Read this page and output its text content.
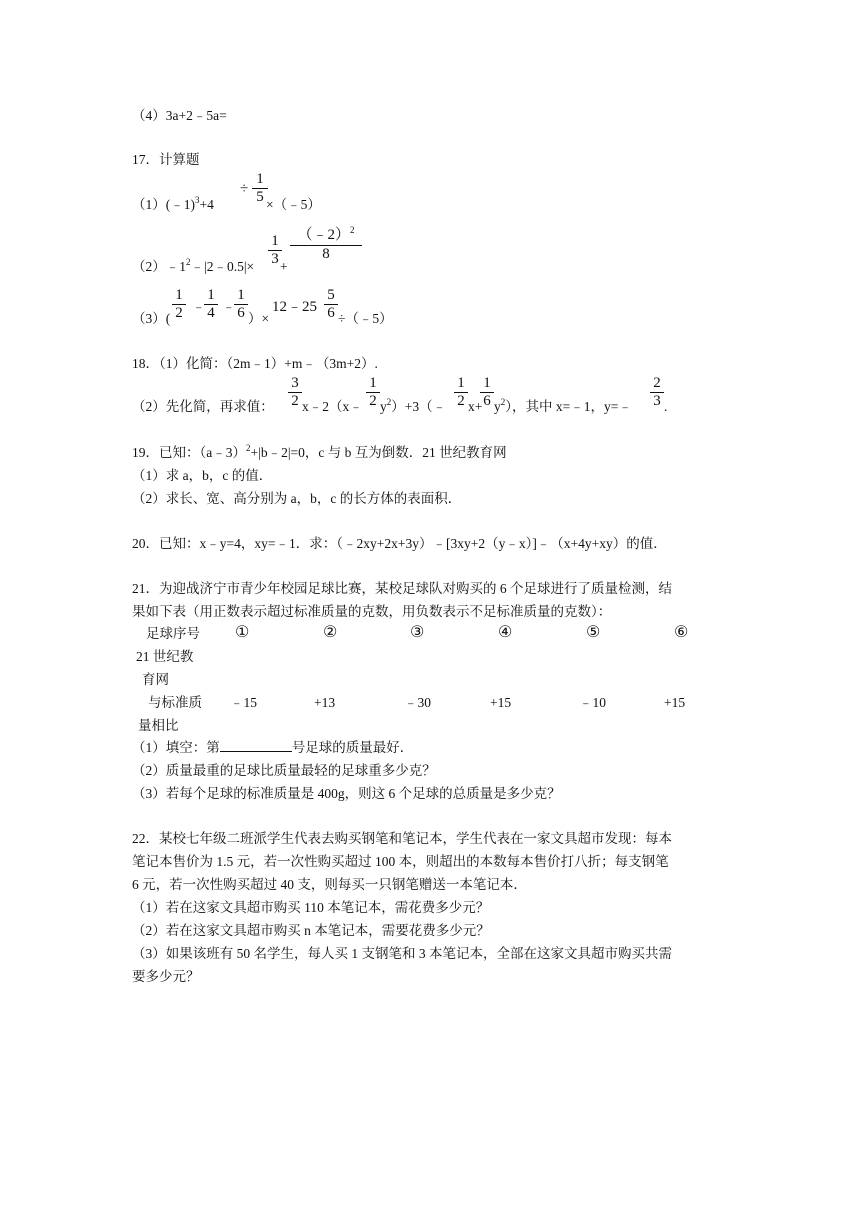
（4）3a+2﹣5a=
17．计算题
（1）(﹣1)$^3$+4
÷
1
5 ×（﹣5）
$(2)﹣1^2﹣|2﹣0.5|\times$
1
3 +
（﹣2）$^2$
8
（3）(
1
2 ﹣
1
4 ﹣
1
6 ）×
12﹣25
5
6 ÷（﹣5）
18．（1）化简：（2m﹣1）+m﹣（3m+2）.
（2）先化简，再求值：
3
2 x﹣2（x﹣
1
2 $y^2)+3(﹣$
1
2 x+
1
6 $y^2$），其中 x=﹣1，y=﹣
2
3 .
19．已知：（a﹣3）$^2$+|b﹣2|=0，c 与 b 互为倒数．21 世纪教育网
（1）求 a，b，c 的值．
（2）求长、宽、高分别为 a，b，c 的长方体的表面积．
20．已知：x﹣y=4，xy=﹣1．求：（﹣2xy+2x+3y）﹣[3xy+2（y﹣x）]﹣（x+4y+xy）的值．
21．为迎战济宁市青少年校园足球比赛，某校足球队对购买的 6 个足球进行了质量检测，结
果如下表（用正数表示超过标准质量的克数，用负数表示不足标准质量的克数）：
足球序号 ①	②	③	④	⑤	⑥
21 世纪教
育网
与标准质
量相比
﹣15	+13	﹣30	+15	﹣10	+15
（1）填空：第	号足球的质量最好．
（2）质量最重的足球比质量最轻的足球重多少克？
（3）若每个足球的标准质量是 400g，则这 6 个足球的总质量是多少克？
22．某校七年级二班派学生代表去购买钢笔和笔记本，学生代表在一家文具超市发现：每本
笔记本售价为 1.5 元，若一次性购买超过 100 本，则超出的本数每本售价打八折；每支钢笔
6 元，若一次性购买超过 40 支，则每买一只钢笔赠送一本笔记本．
（1）若在这家文具超市购买 110 本笔记本，需花费多少元？
（2）若在这家文具超市购买 n 本笔记本，需要花费多少元？
（3）如果该班有 50 名学生，每人买 1 支钢笔和 3 本笔记本，全部在这家文具超市购买共需
要多少元？
